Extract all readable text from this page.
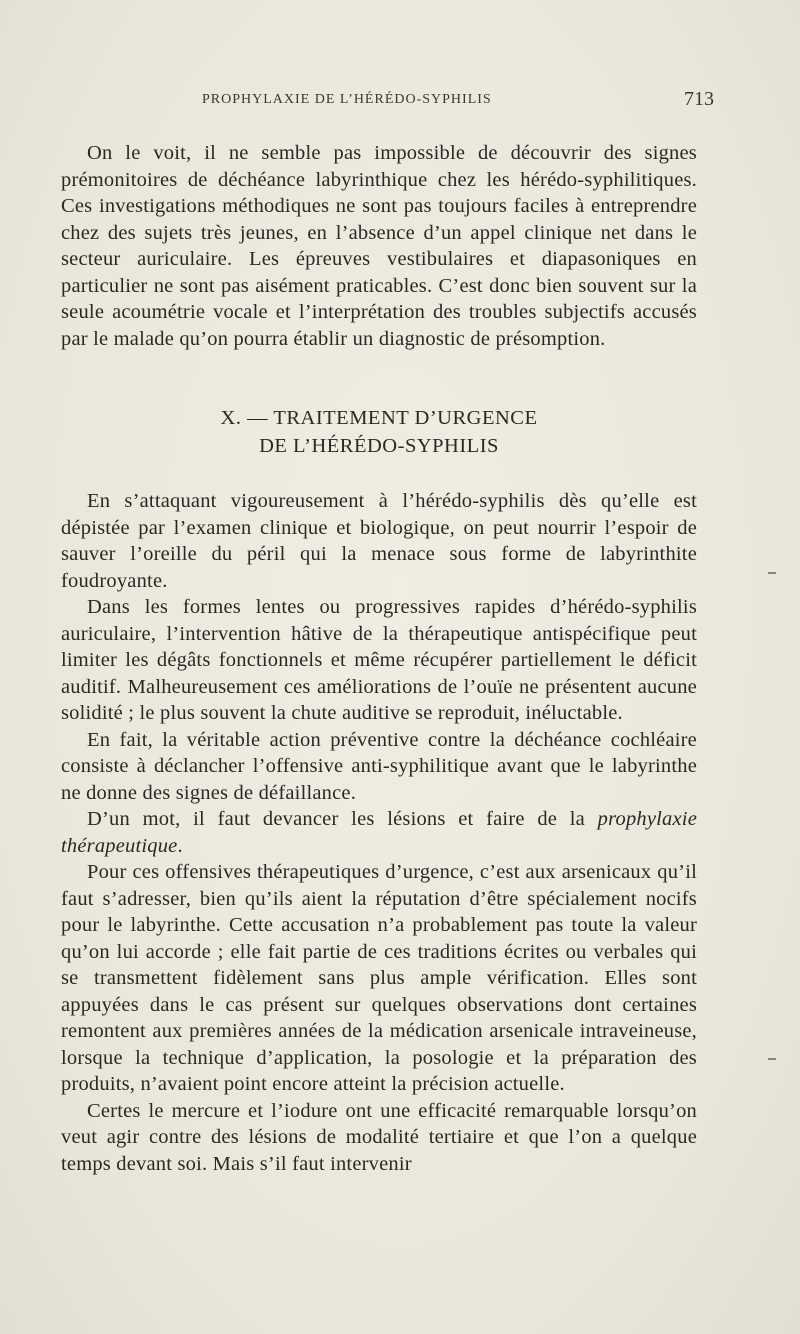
PROPHYLAXIE DE L’HÉRÉDO-SYPHILIS	713

On le voit, il ne semble pas impossible de découvrir des signes prémonitoires de déchéance labyrinthique chez les hérédo-syphilitiques. Ces investigations méthodiques ne sont pas toujours faciles à entreprendre chez des sujets très jeunes, en l’absence d’un appel clinique net dans le secteur auriculaire. Les épreuves vestibulaires et diapasoniques en particulier ne sont pas aisément praticables. C’est donc bien souvent sur la seule acoumétrie vocale et l’interprétation des troubles subjectifs accusés par le malade qu’on pourra établir un diagnostic de présomption.

X. — TRAITEMENT D’URGENCE
DE L’HÉRÉDO-SYPHILIS

En s’attaquant vigoureusement à l’hérédo-syphilis dès qu’elle est dépistée par l’examen clinique et biologique, on peut nourrir l’espoir de sauver l’oreille du péril qui la menace sous forme de labyrinthite foudroyante.

Dans les formes lentes ou progressives rapides d’hérédo-syphilis auriculaire, l’intervention hâtive de la thérapeutique antispécifique peut limiter les dégâts fonctionnels et même récupérer partiellement le déficit auditif. Malheureusement ces améliorations de l’ouïe ne présentent aucune solidité ; le plus souvent la chute auditive se reproduit, inéluctable.

En fait, la véritable action préventive contre la déchéance cochléaire consiste à déclancher l’offensive anti-syphilitique avant que le labyrinthe ne donne des signes de défaillance.

D’un mot, il faut devancer les lésions et faire de la prophylaxie thérapeutique.

Pour ces offensives thérapeutiques d’urgence, c’est aux arsenicaux qu’il faut s’adresser, bien qu’ils aient la réputation d’être spécialement nocifs pour le labyrinthe. Cette accusation n’a probablement pas toute la valeur qu’on lui accorde ; elle fait partie de ces traditions écrites ou verbales qui se transmettent fidèlement sans plus ample vérification. Elles sont appuyées dans le cas présent sur quelques observations dont certaines remontent aux premières années de la médication arsenicale intraveineuse, lorsque la technique d’application, la posologie et la préparation des produits, n’avaient point encore atteint la précision actuelle.

Certes le mercure et l’iodure ont une efficacité remarquable lorsqu’on veut agir contre des lésions de modalité tertiaire et que l’on a quelque temps devant soi. Mais s’il faut intervenir
